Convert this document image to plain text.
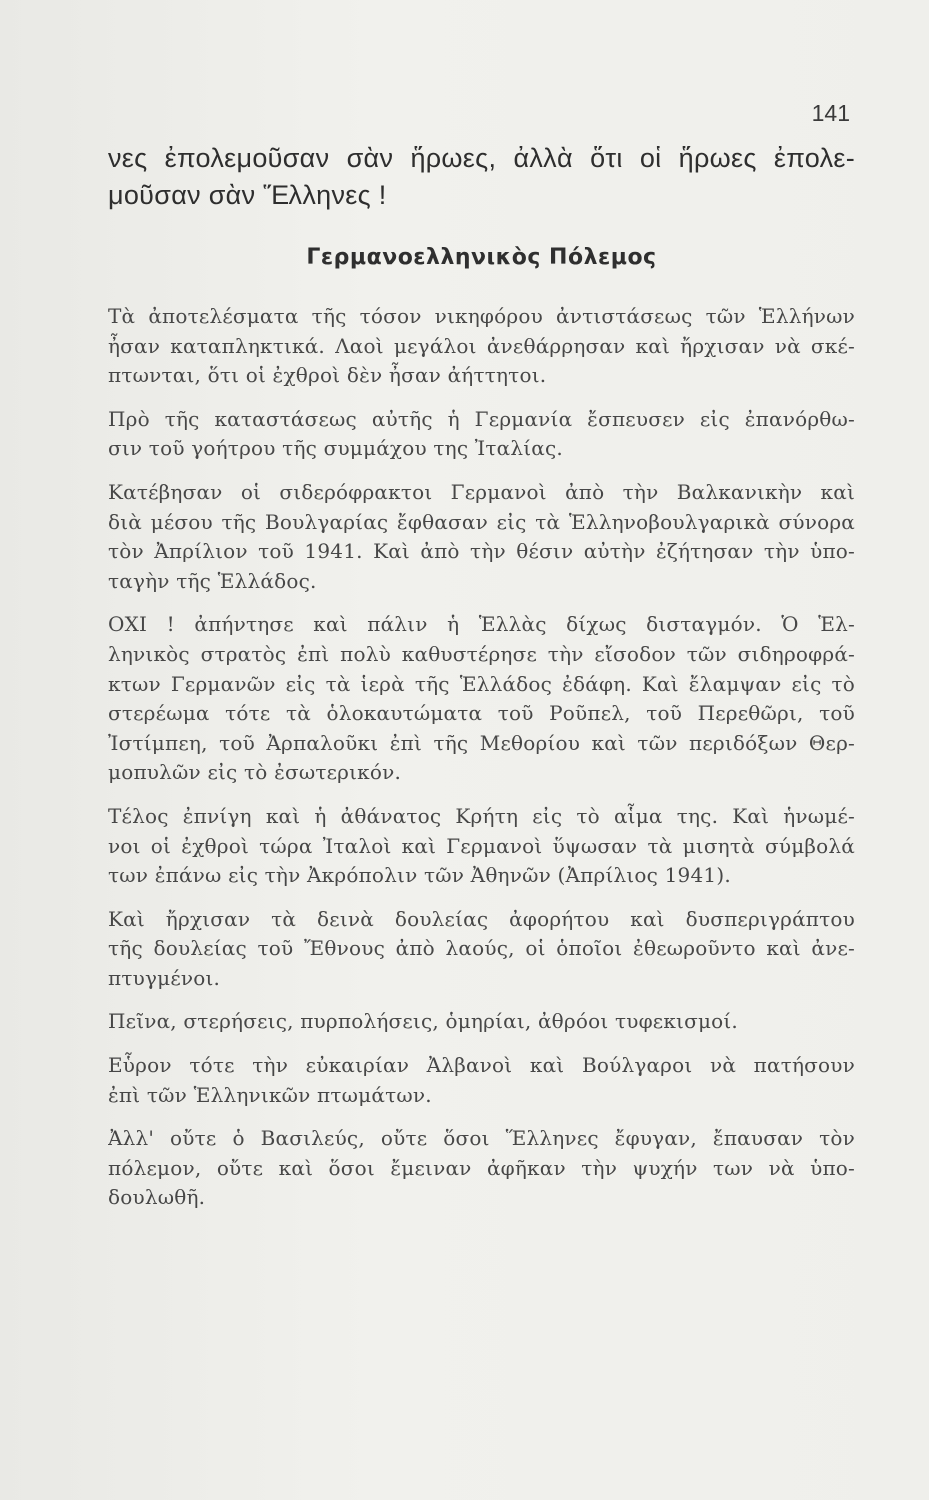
141
νες ἐπολεμοῦσαν σὰν ἥρωες, ἀλλὰ ὅτι οἱ ἥρωες ἐπολε-
μοῦσαν σὰν Ἕλληνες !
Γερμανοελληνικὸς Πόλεμος
Τὰ ἀποτελέσματα τῆς τόσον νικηφόρου ἀντιστάσεως τῶν Ἑλλήνων
ἦσαν καταπληκτικά. Λαοὶ μεγάλοι ἀνεθάρρησαν καὶ ἤρχισαν νὰ σκέ-
πτωνται, ὅτι οἱ ἐχθροὶ δὲν ἦσαν ἀήττητοι.
Πρὸ τῆς καταστάσεως αὐτῆς ἡ Γερμανία ἔσπευσεν εἰς ἐπανόρθω-
σιν τοῦ γοήτρου τῆς συμμάχου της Ἰταλίας.
Κατέβησαν οἱ σιδερόφρακτοι Γερμανοὶ ἀπὸ τὴν Βαλκανικὴν καὶ
διὰ μέσου τῆς Βουλγαρίας ἔφθασαν εἰς τὰ Ἑλληνοβουλγαρικὰ σύνορα
τὸν Ἀπρίλιον τοῦ 1941. Καὶ ἀπὸ τὴν θέσιν αὐτὴν ἐζήτησαν τὴν ὑπο-
ταγὴν τῆς Ἑλλάδος.
ΟΧΙ ! ἀπήντησε καὶ πάλιν ἡ Ἑλλὰς δίχως δισταγμόν. Ὁ Ἑλ-
ληνικὸς στρατὸς ἐπὶ πολὺ καθυστέρησε τὴν εἴσοδον τῶν σιδηροφρά-
κτων Γερμανῶν εἰς τὰ ἱερὰ τῆς Ἑλλάδος ἐδάφη. Καὶ ἔλαμψαν εἰς τὸ
στερέωμα τότε τὰ ὁλοκαυτώματα τοῦ Ροῦπελ, τοῦ Περεθῶρι, τοῦ
Ἰστίμπεη, τοῦ Ἀρπαλοῦκι ἐπὶ τῆς Μεθορίου καὶ τῶν περιδόξων Θερ-
μοπυλῶν εἰς τὸ ἐσωτερικόν.
Τέλος ἐπνίγη καὶ ἡ ἀθάνατος Κρήτη εἰς τὸ αἷμα της. Καὶ ἡνωμέ-
νοι οἱ ἐχθροὶ τώρα Ἰταλοὶ καὶ Γερμανοὶ ὕψωσαν τὰ μισητὰ σύμβολά
των ἐπάνω εἰς τὴν Ἀκρόπολιν τῶν Ἀθηνῶν (Ἀπρίλιος 1941).
Καὶ ἤρχισαν τὰ δεινὰ δουλείας ἀφορήτου καὶ δυσπεριγράπτου
τῆς δουλείας τοῦ Ἔθνους ἀπὸ λαούς, οἱ ὁποῖοι ἐθεωροῦντο καὶ ἀνε-
πτυγμένοι.
Πεῖνα, στερήσεις, πυρπολήσεις, ὁμηρίαι, ἀθρόοι τυφεκισμοί.
Εὗρον τότε τὴν εὐκαιρίαν Ἀλβανοὶ καὶ Βούλγαροι νὰ πατήσουν
ἐπὶ τῶν Ἑλληνικῶν πτωμάτων.
Ἀλλ' οὔτε ὁ Βασιλεύς, οὔτε ὅσοι Ἕλληνες ἔφυγαν, ἔπαυσαν τὸν
πόλεμον, οὔτε καὶ ὅσοι ἔμειναν ἀφῆκαν τὴν ψυχήν των νὰ ὑπο-
δουλωθῆ.
